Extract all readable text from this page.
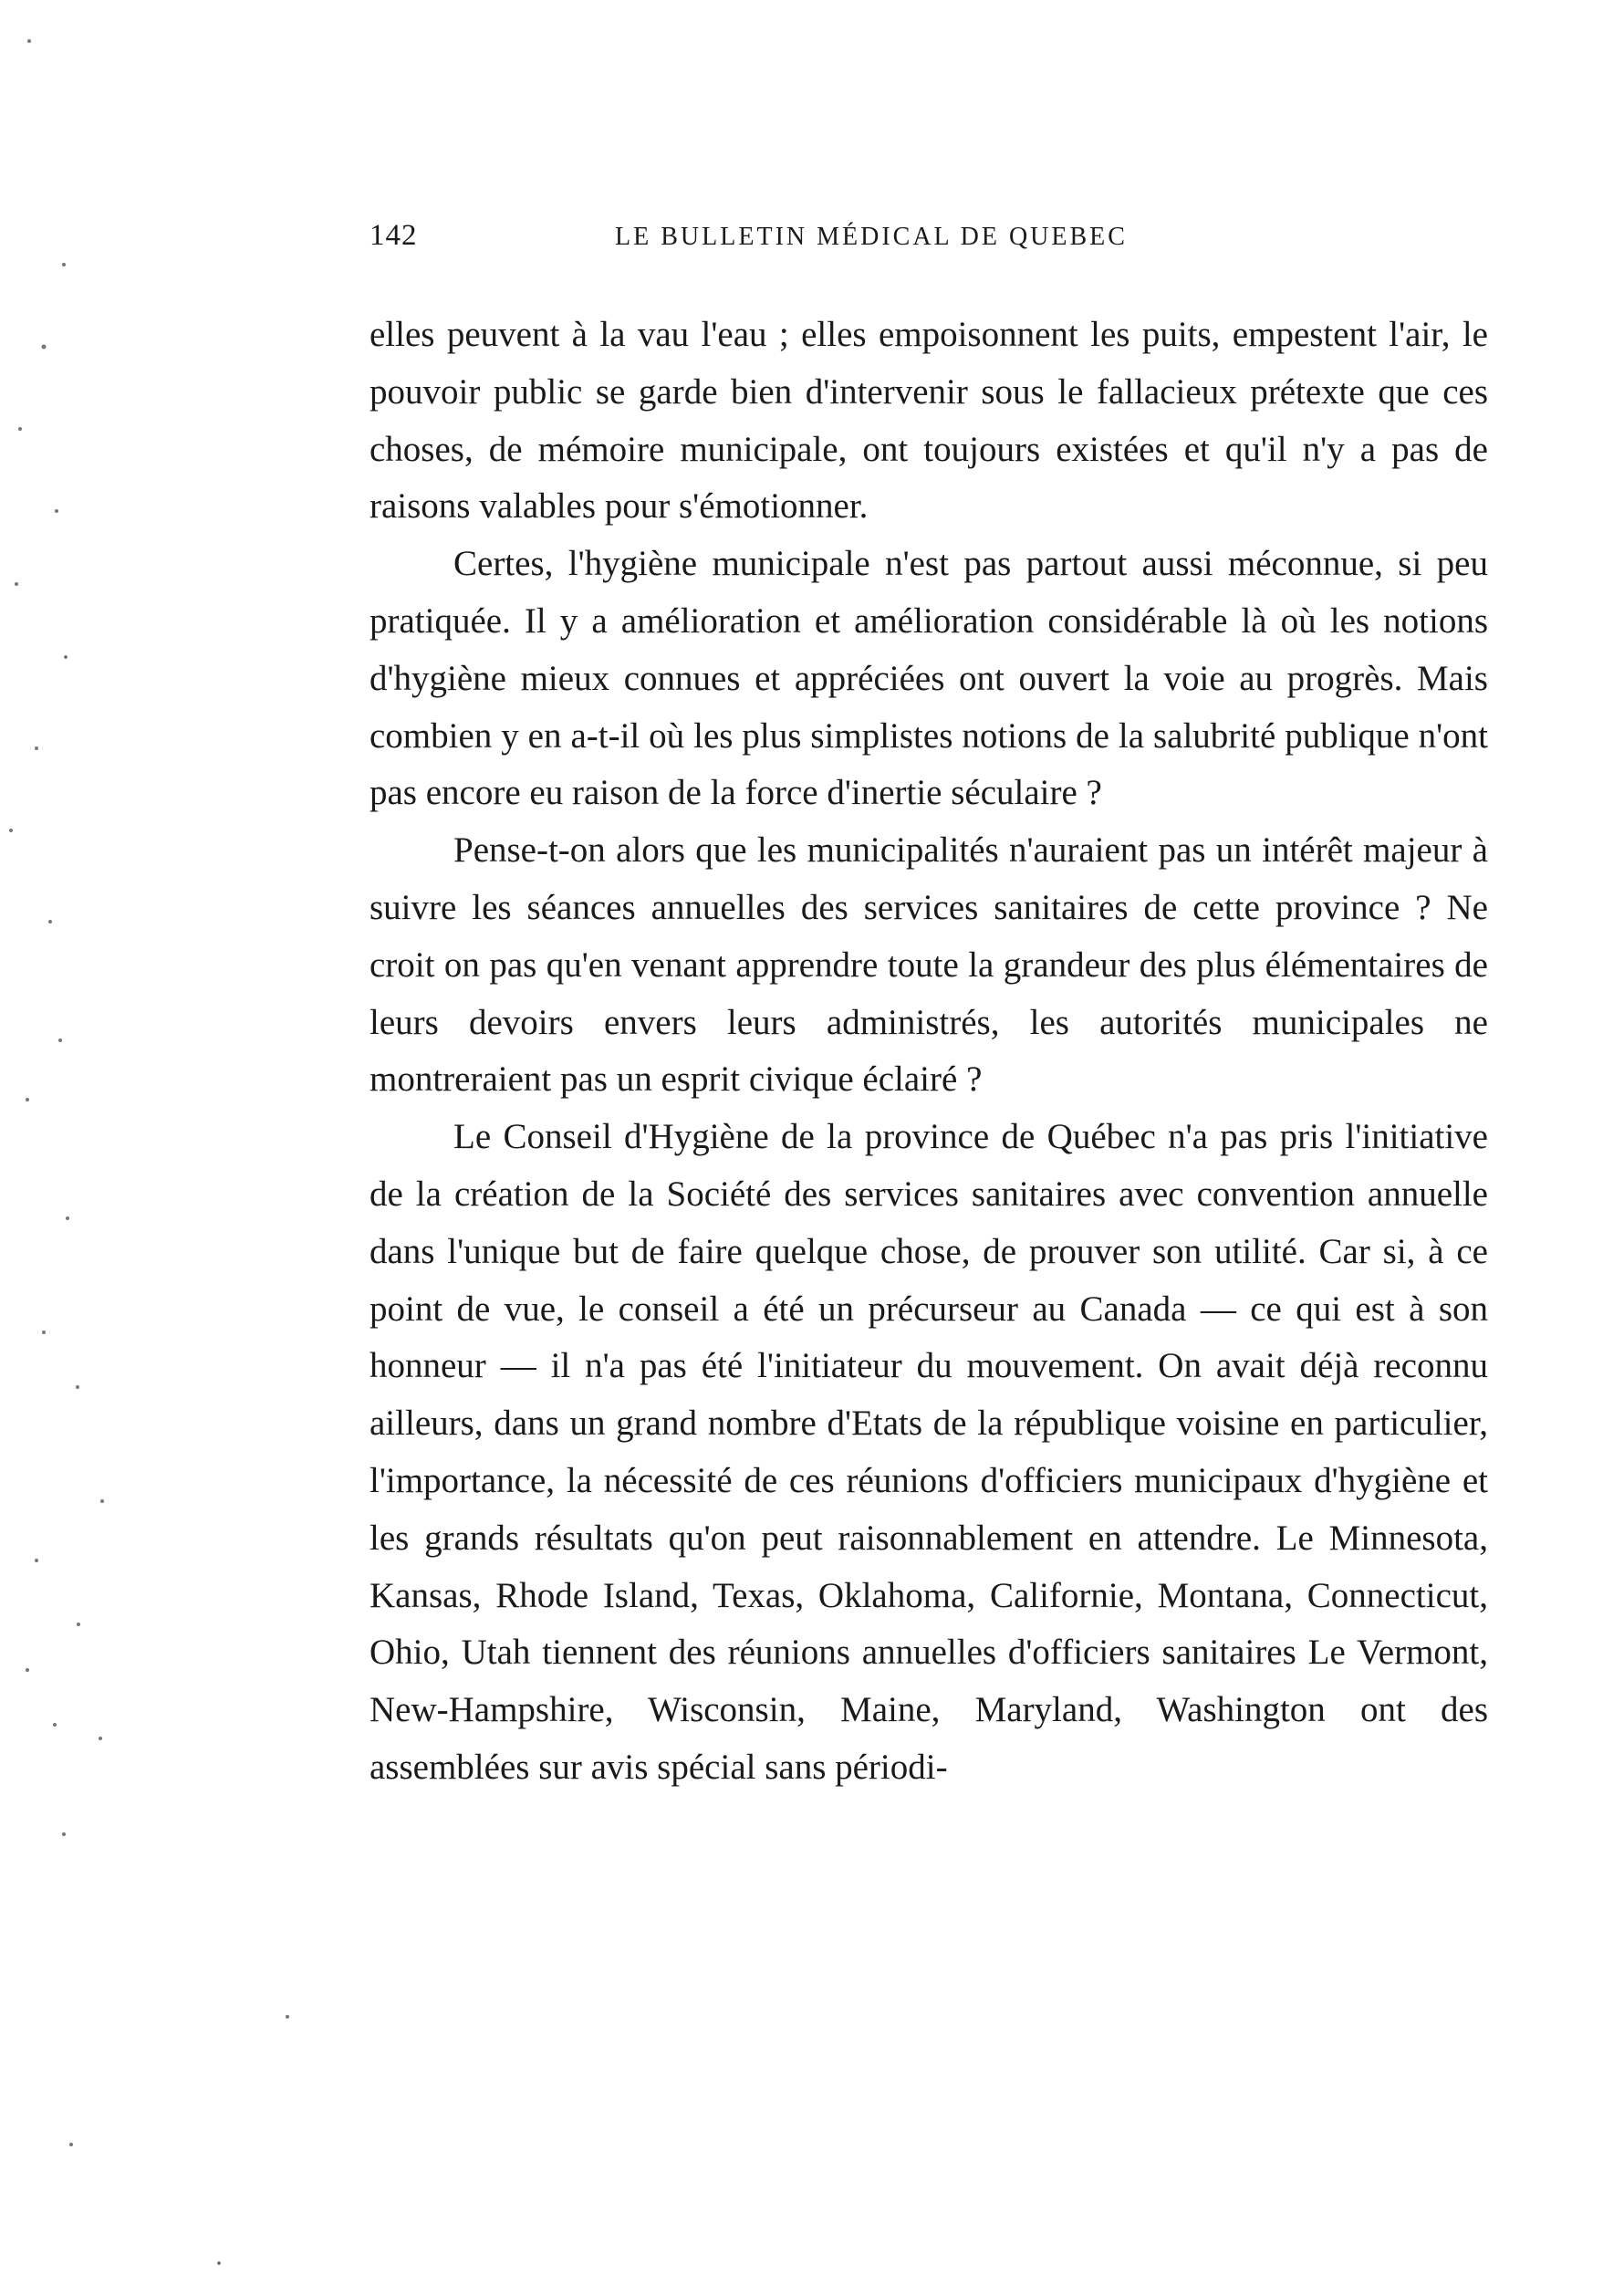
142	LE BULLETIN MÉDICAL DE QUEBEC

elles peuvent à la vau l'eau ; elles empoisonnent les puits, empestent l'air, le pouvoir public se garde bien d'intervenir sous le fallacieux prétexte que ces choses, de mémoire municipale, ont toujours existées et qu'il n'y a pas de raisons valables pour s'émotionner.

Certes, l'hygiène municipale n'est pas partout aussi méconnue, si peu pratiquée. Il y a amélioration et amélioration considérable là où les notions d'hygiène mieux connues et appréciées ont ouvert la voie au progrès. Mais combien y en a-t-il où les plus simplistes notions de la salubrité publique n'ont pas encore eu raison de la force d'inertie séculaire ?

Pense-t-on alors que les municipalités n'auraient pas un intérêt majeur à suivre les séances annuelles des services sanitaires de cette province ? Ne croit on pas qu'en venant apprendre toute la grandeur des plus élémentaires de leurs devoirs envers leurs administrés, les autorités municipales ne montreraient pas un esprit civique éclairé ?

Le Conseil d'Hygiène de la province de Québec n'a pas pris l'initiative de la création de la Société des services sanitaires avec convention annuelle dans l'unique but de faire quelque chose, de prouver son utilité. Car si, à ce point de vue, le conseil a été un précurseur au Canada — ce qui est à son honneur — il n'a pas été l'initiateur du mouvement. On avait déjà reconnu ailleurs, dans un grand nombre d'Etats de la république voisine en particulier, l'importance, la nécessité de ces réunions d'officiers municipaux d'hygiène et les grands résultats qu'on peut raisonnablement en attendre. Le Minnesota, Kansas, Rhode Island, Texas, Oklahoma, Californie, Montana, Connecticut, Ohio, Utah tiennent des réunions annuelles d'officiers sanitaires Le Vermont, New-Hampshire, Wisconsin, Maine, Maryland, Washington ont des assemblées sur avis spécial sans périodi-
